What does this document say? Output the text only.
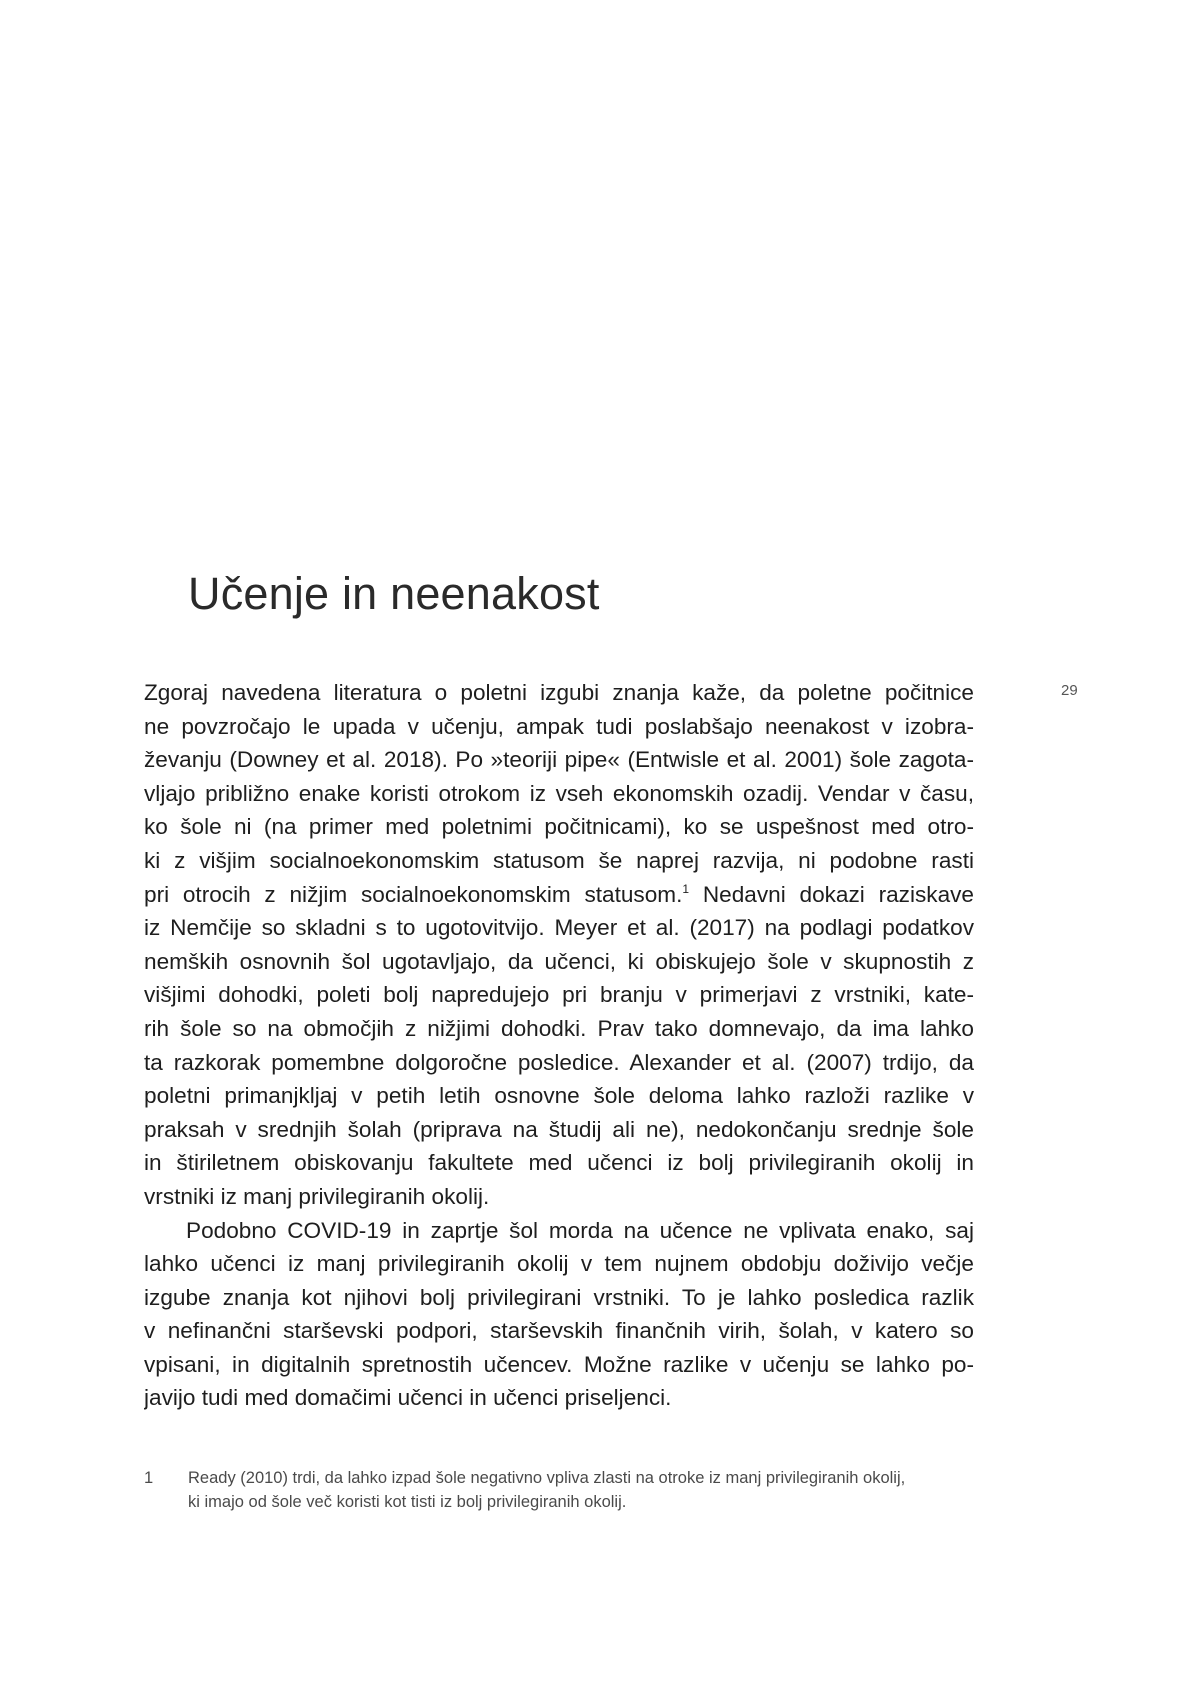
Učenje in neenakost
29
Zgoraj navedena literatura o poletni izgubi znanja kaže, da poletne počitnice
ne povzročajo le upada v učenju, ampak tudi poslabšajo neenakost v izobra-
ževanju (Downey et al. 2018). Po »teoriji pipe« (Entwisle et al. 2001) šole zagota-
vljajo približno enake koristi otrokom iz vseh ekonomskih ozadij. Vendar v času,
ko šole ni (na primer med poletnimi počitnicami), ko se uspešnost med otro-
ki z višjim socialnoekonomskim statusom še naprej razvija, ni podobne rasti
pri otrocih z nižjim socialnoekonomskim statusom.$^1$ Nedavni dokazi raziskave
iz Nemčije so skladni s to ugotovitvijo. Meyer et al. (2017) na podlagi podatkov
nemških osnovnih šol ugotavljajo, da učenci, ki obiskujejo šole v skupnostih z
višjimi dohodki, poleti bolj napredujejo pri branju v primerjavi z vrstniki, kate-
rih šole so na območjih z nižjimi dohodki. Prav tako domnevajo, da ima lahko
ta razkorak pomembne dolgoročne posledice. Alexander et al. (2007) trdijo, da
poletni primanjkljaj v petih letih osnovne šole deloma lahko razloži razlike v
praksah v srednjih šolah (priprava na študij ali ne), nedokončanju srednje šole
in štiriletnem obiskovanju fakultete med učenci iz bolj privilegiranih okolij in
vrstniki iz manj privilegiranih okolij.
Podobno COVID-19 in zaprtje šol morda na učence ne vplivata enako, saj
lahko učenci iz manj privilegiranih okolij v tem nujnem obdobju doživijo večje
izgube znanja kot njihovi bolj privilegirani vrstniki. To je lahko posledica razlik
v nefinančni starševski podpori, starševskih finančnih virih, šolah, v katero so
vpisani, in digitalnih spretnostih učencev. Možne razlike v učenju se lahko po-
javijo tudi med domačimi učenci in učenci priseljenci.
1 Ready (2010) trdi, da lahko izpad šole negativno vpliva zlasti na otroke iz manj privilegiranih okolij,
ki imajo od šole več koristi kot tisti iz bolj privilegiranih okolij.
